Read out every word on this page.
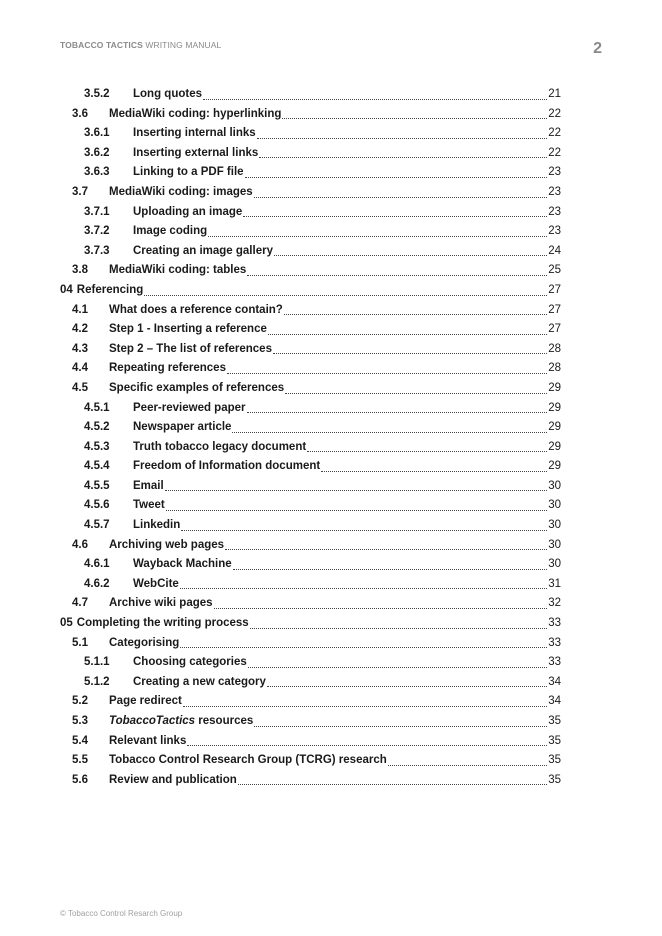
TOBACCO TACTICS WRITING MANUAL	2
3.5.2	Long quotes	21
3.6	MediaWiki coding: hyperlinking	22
3.6.1	Inserting internal links	22
3.6.2	Inserting external links	22
3.6.3	Linking to a PDF file	23
3.7	MediaWiki coding: images	23
3.7.1	Uploading an image	23
3.7.2	Image coding	23
3.7.3	Creating an image gallery	24
3.8	MediaWiki coding: tables	25
04 Referencing	27
4.1	What does a reference contain?	27
4.2	Step 1 - Inserting a reference	27
4.3	Step 2 – The list of references	28
4.4	Repeating references	28
4.5	Specific examples of references	29
4.5.1	Peer-reviewed paper	29
4.5.2	Newspaper article	29
4.5.3	Truth tobacco legacy document	29
4.5.4	Freedom of Information document	29
4.5.5	Email	30
4.5.6	Tweet	30
4.5.7	Linkedin	30
4.6	Archiving web pages	30
4.6.1	Wayback Machine	30
4.6.2	WebCite	31
4.7	Archive wiki pages	32
05 Completing the writing process	33
5.1	Categorising	33
5.1.1	Choosing categories	33
5.1.2	Creating a new category	34
5.2	Page redirect	34
5.3	TobaccoTactics resources	35
5.4	Relevant links	35
5.5	Tobacco Control Research Group (TCRG) research	35
5.6	Review and publication	35
© Tobacco Control Resarch Group
